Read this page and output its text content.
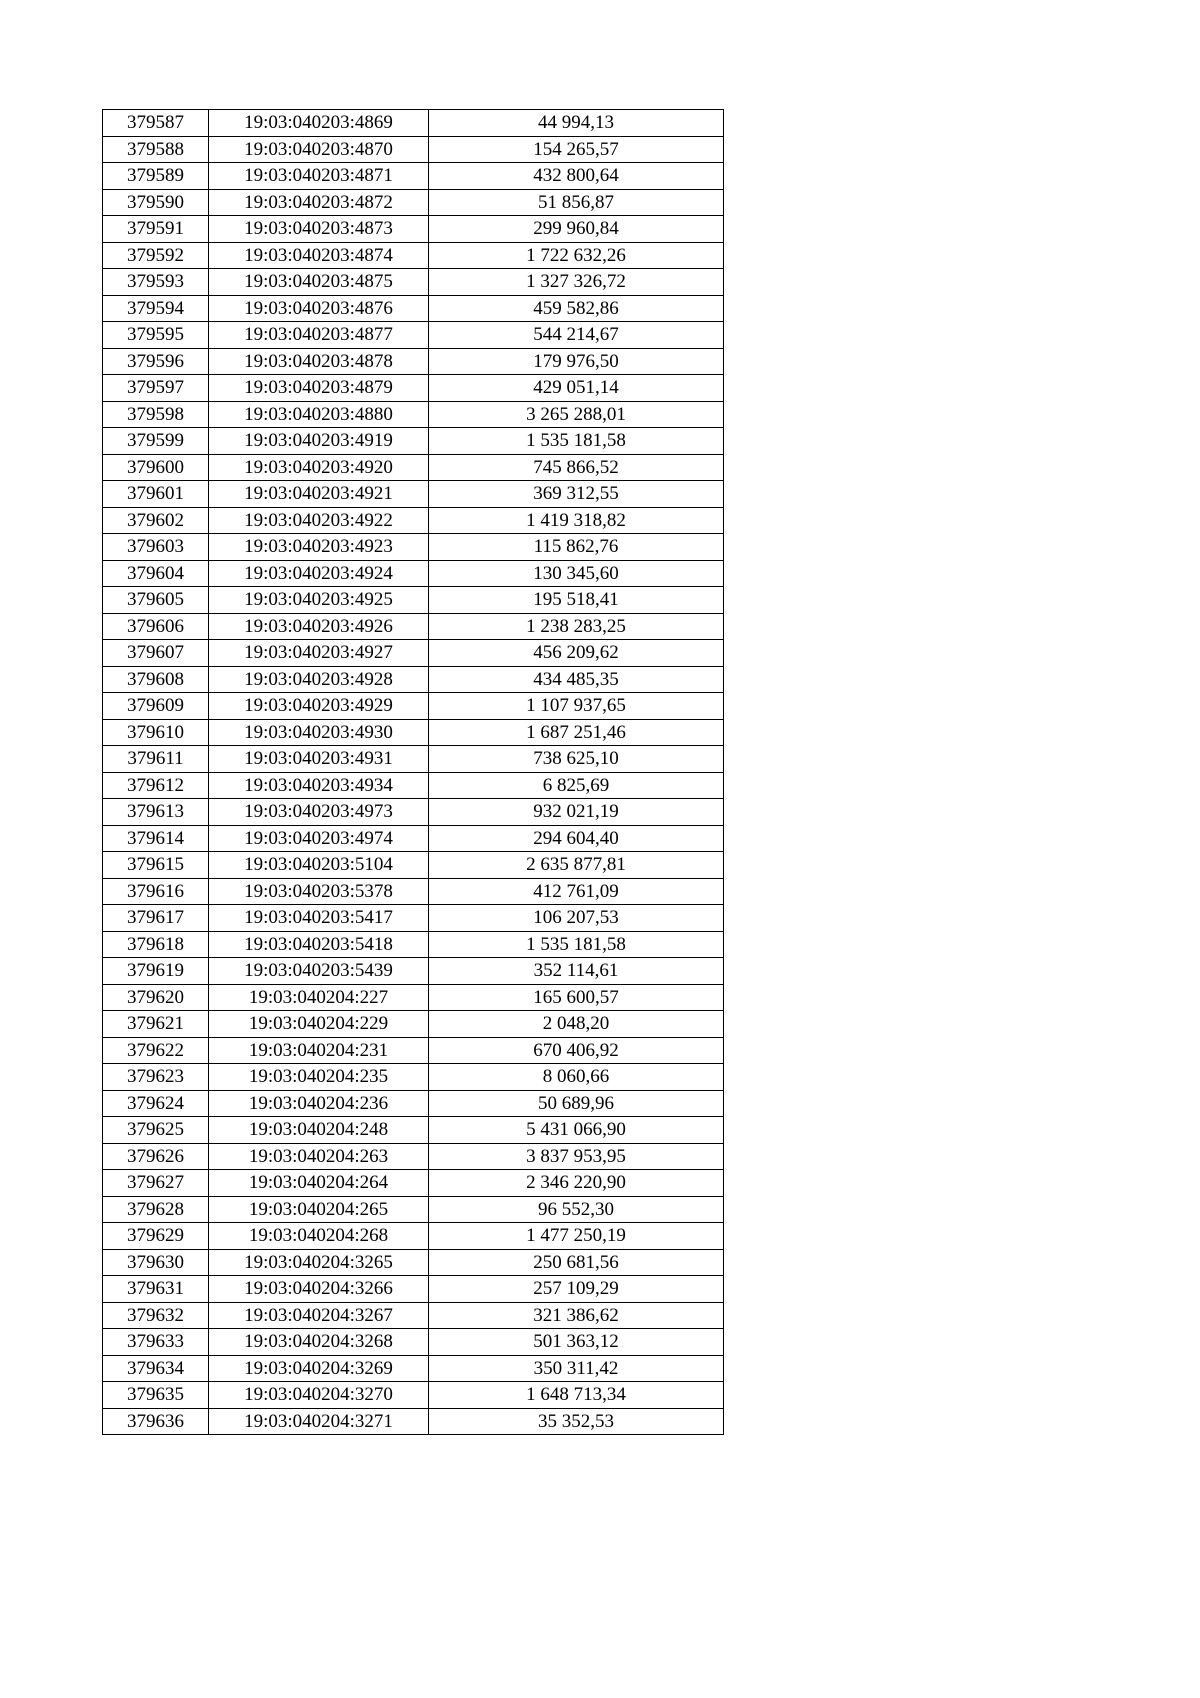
379587	19:03:040203:4869	44 994,13
379588	19:03:040203:4870	154 265,57
379589	19:03:040203:4871	432 800,64
379590	19:03:040203:4872	51 856,87
379591	19:03:040203:4873	299 960,84
379592	19:03:040203:4874	1 722 632,26
379593	19:03:040203:4875	1 327 326,72
379594	19:03:040203:4876	459 582,86
379595	19:03:040203:4877	544 214,67
379596	19:03:040203:4878	179 976,50
379597	19:03:040203:4879	429 051,14
379598	19:03:040203:4880	3 265 288,01
379599	19:03:040203:4919	1 535 181,58
379600	19:03:040203:4920	745 866,52
379601	19:03:040203:4921	369 312,55
379602	19:03:040203:4922	1 419 318,82
379603	19:03:040203:4923	115 862,76
379604	19:03:040203:4924	130 345,60
379605	19:03:040203:4925	195 518,41
379606	19:03:040203:4926	1 238 283,25
379607	19:03:040203:4927	456 209,62
379608	19:03:040203:4928	434 485,35
379609	19:03:040203:4929	1 107 937,65
379610	19:03:040203:4930	1 687 251,46
379611	19:03:040203:4931	738 625,10
379612	19:03:040203:4934	6 825,69
379613	19:03:040203:4973	932 021,19
379614	19:03:040203:4974	294 604,40
379615	19:03:040203:5104	2 635 877,81
379616	19:03:040203:5378	412 761,09
379617	19:03:040203:5417	106 207,53
379618	19:03:040203:5418	1 535 181,58
379619	19:03:040203:5439	352 114,61
379620	19:03:040204:227	165 600,57
379621	19:03:040204:229	2 048,20
379622	19:03:040204:231	670 406,92
379623	19:03:040204:235	8 060,66
379624	19:03:040204:236	50 689,96
379625	19:03:040204:248	5 431 066,90
379626	19:03:040204:263	3 837 953,95
379627	19:03:040204:264	2 346 220,90
379628	19:03:040204:265	96 552,30
379629	19:03:040204:268	1 477 250,19
379630	19:03:040204:3265	250 681,56
379631	19:03:040204:3266	257 109,29
379632	19:03:040204:3267	321 386,62
379633	19:03:040204:3268	501 363,12
379634	19:03:040204:3269	350 311,42
379635	19:03:040204:3270	1 648 713,34
379636	19:03:040204:3271	35 352,53
